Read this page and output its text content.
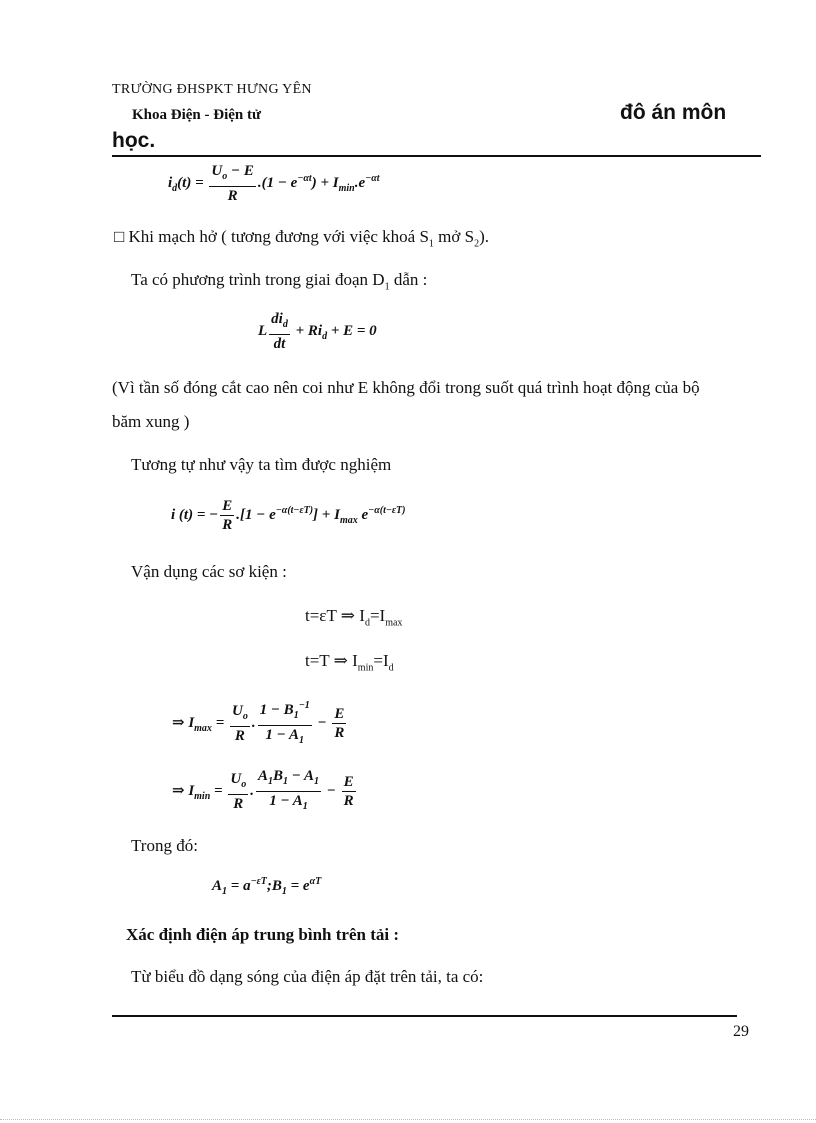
TRƯỜNG ĐHSPKT HƯNG YÊN
Khoa Điện - Điện tử	đô án môn
học.
$i_d(t) = \frac{U_o - E}{R} .(1 - e^{-\alpha t}) + I_{min}.e^{-\alpha t}$
□ Khi mạch hở ( tương đương với việc khoá $S_1$ mở $S_2$).
Ta có phương trình trong giai đoạn $D_1$ dẫn :
L $\frac{di_d}{dt} + Ri_d + E = 0$
(Vì tần số đóng cắt cao nên coi như E không đổi trong suốt quá trình hoạt động của bộ
băm xung )
Tương tự như vậy ta tìm được nghiệm
i (t) = − $\frac{E}{R} .[1 - e^{-\alpha(t-\varepsilon T)}] + I_{max}$ $e^{-\alpha(t-\varepsilon T)}$
Vận dụng các sơ kiện :
t=εT ⇒ $I_d=I_{max}$
t=T ⇒ $I_{min}=I_d$
⇒ $I_{max} = \frac{U_o}{R}$ . $\frac{1 - B_1^{-1}}{1 - A_1} - \frac{E}{R}$
⇒ $I_{min} = \frac{U_o}{R}$ . $\frac{A_1B_1 - A_1}{1 - A_1} - \frac{E}{R}$
Trong đó:
$A_1$ = $a^{-\varepsilon T};B_1 = e^{\alpha T}$
Xác định điện áp trung bình trên tải :
Từ biểu đồ dạng sóng của điện áp đặt trên tải, ta có:
29
